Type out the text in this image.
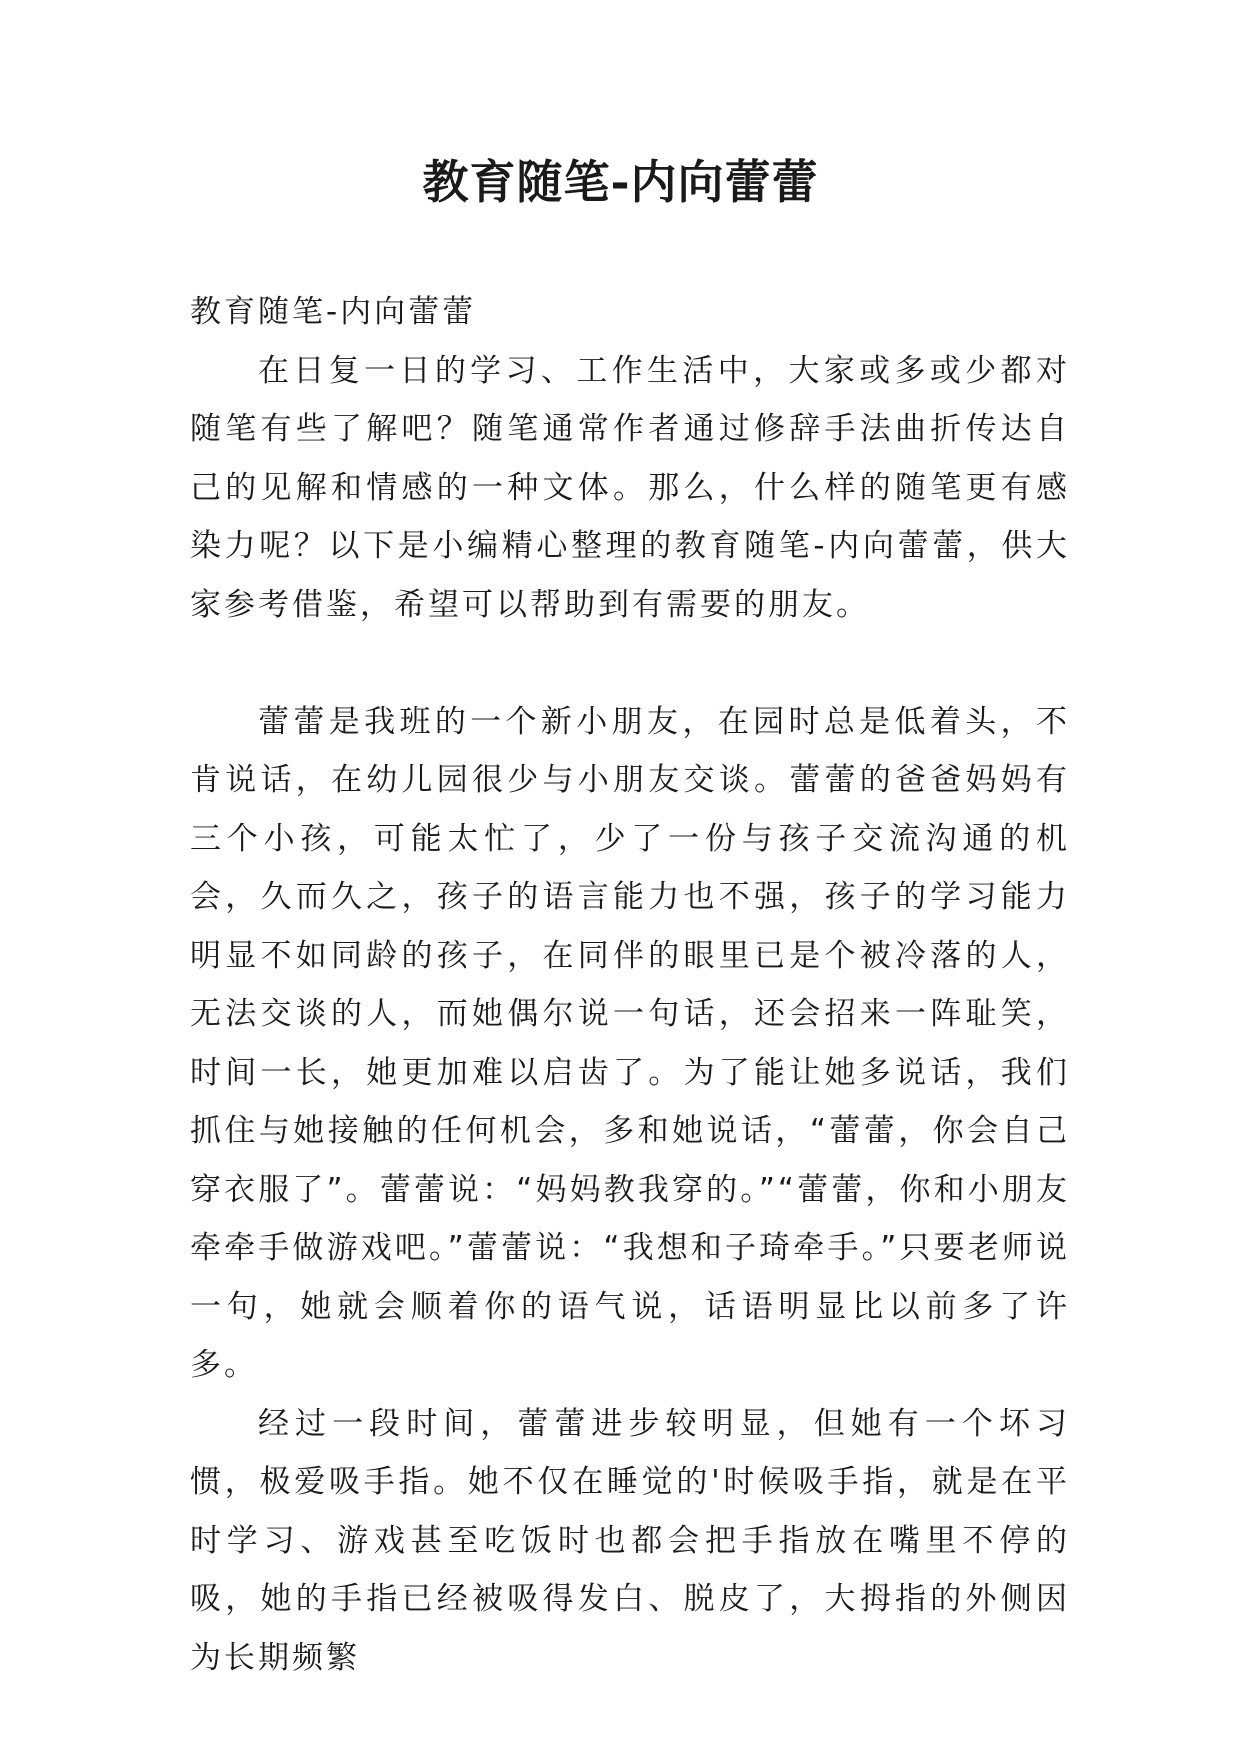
教育随笔-内向蕾蕾

教育随笔-内向蕾蕾

在日复一日的学习、工作生活中，大家或多或少都对随笔有些了解吧？随笔通常作者通过修辞手法曲折传达自己的见解和情感的一种文体。那么，什么样的随笔更有感染力呢？以下是小编精心整理的教育随笔-内向蕾蕾，供大家参考借鉴，希望可以帮助到有需要的朋友。

蕾蕾是我班的一个新小朋友，在园时总是低着头，不肯说话，在幼儿园很少与小朋友交谈。蕾蕾的爸爸妈妈有三个小孩，可能太忙了，少了一份与孩子交流沟通的机会，久而久之，孩子的语言能力也不强，孩子的学习能力明显不如同龄的孩子，在同伴的眼里已是个被冷落的人，无法交谈的人，而她偶尔说一句话，还会招来一阵耻笑，时间一长，她更加难以启齿了。为了能让她多说话，我们抓住与她接触的任何机会，多和她说话，“蕾蕾，你会自己穿衣服了”。蕾蕾说：“妈妈教我穿的。”“蕾蕾，你和小朋友牵牵手做游戏吧。”蕾蕾说：“我想和子琦牵手。”只要老师说一句，她就会顺着你的语气说，话语明显比以前多了许多。

经过一段时间，蕾蕾进步较明显，但她有一个坏习惯，极爱吸手指。她不仅在睡觉的'时候吸手指，就是在平时学习、游戏甚至吃饭时也都会把手指放在嘴里不停的吸，她的手指已经被吸得发白、脱皮了，大拇指的外侧因为长期频繁
